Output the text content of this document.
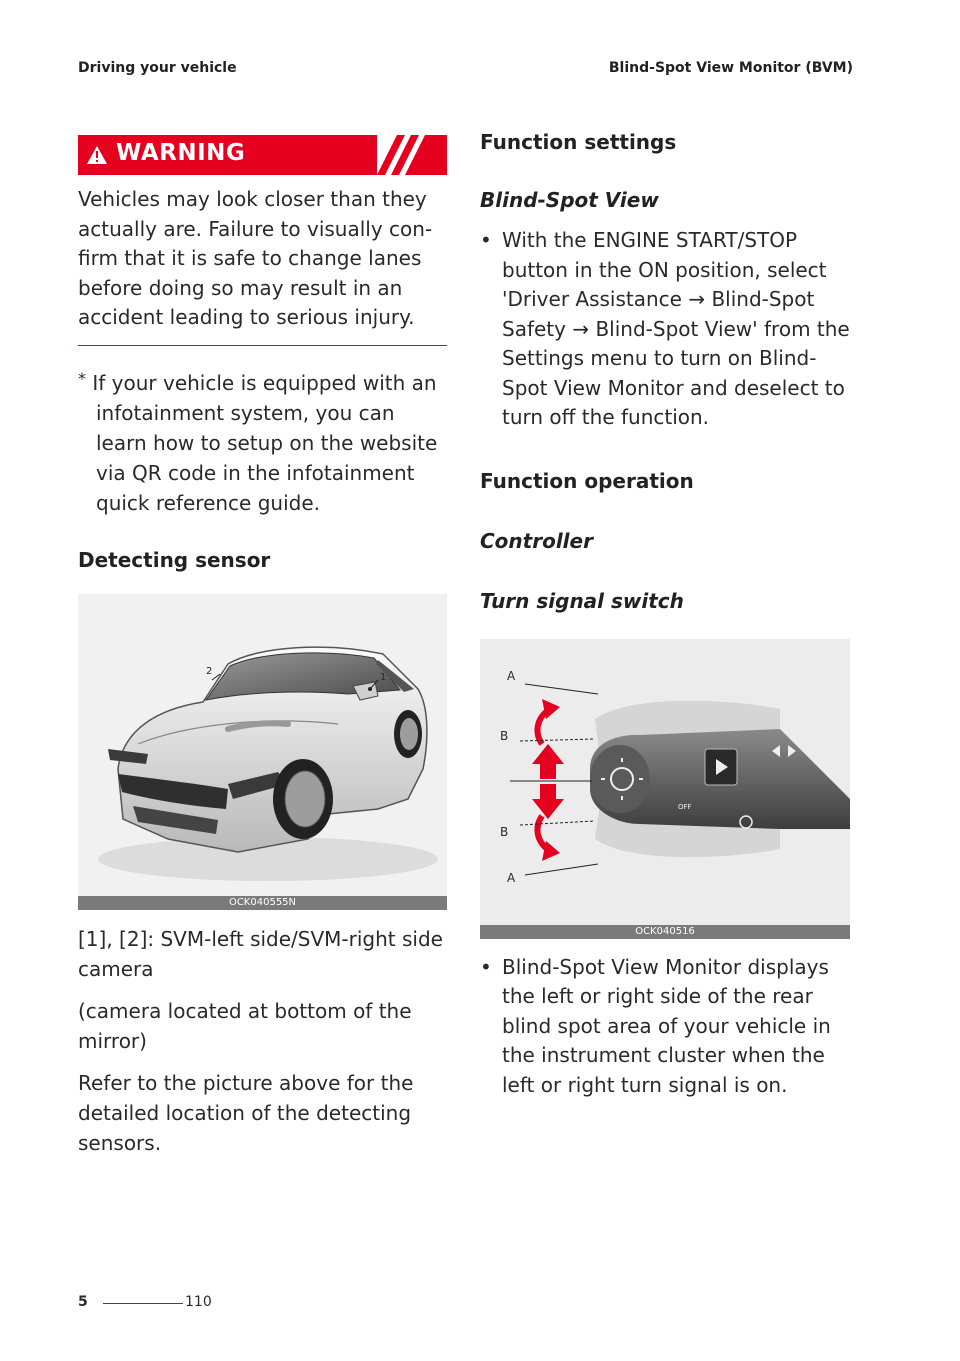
Driving your vehicle	Blind-Spot View Monitor (BVM)
WARNING
Vehicles may look closer than they actually are. Failure to visually con-firm that it is safe to change lanes before doing so may result in an accident leading to serious injury.
* If your vehicle is equipped with an infotainment system, you can learn how to setup on the website via QR code in the infotainment quick reference guide.
Detecting sensor
1
2
OCK040555N
[1], [2]: SVM-left side/SVM-right side camera
(camera located at bottom of the mirror)
Refer to the picture above for the detailed location of the detecting sensors.
Function settings
Blind-Spot View
• With the ENGINE START/STOP button in the ON position, select 'Driver Assistance → Blind-Spot Safety → Blind-Spot View' from the Settings menu to turn on Blind-Spot View Monitor and deselect to turn off the function.
Function operation
Controller
Turn signal switch
A
B
B
A
OFF
OCK040516
• Blind-Spot View Monitor displays the left or right side of the rear blind spot area of your vehicle in the instrument cluster when the left or right turn signal is on.
5	110
